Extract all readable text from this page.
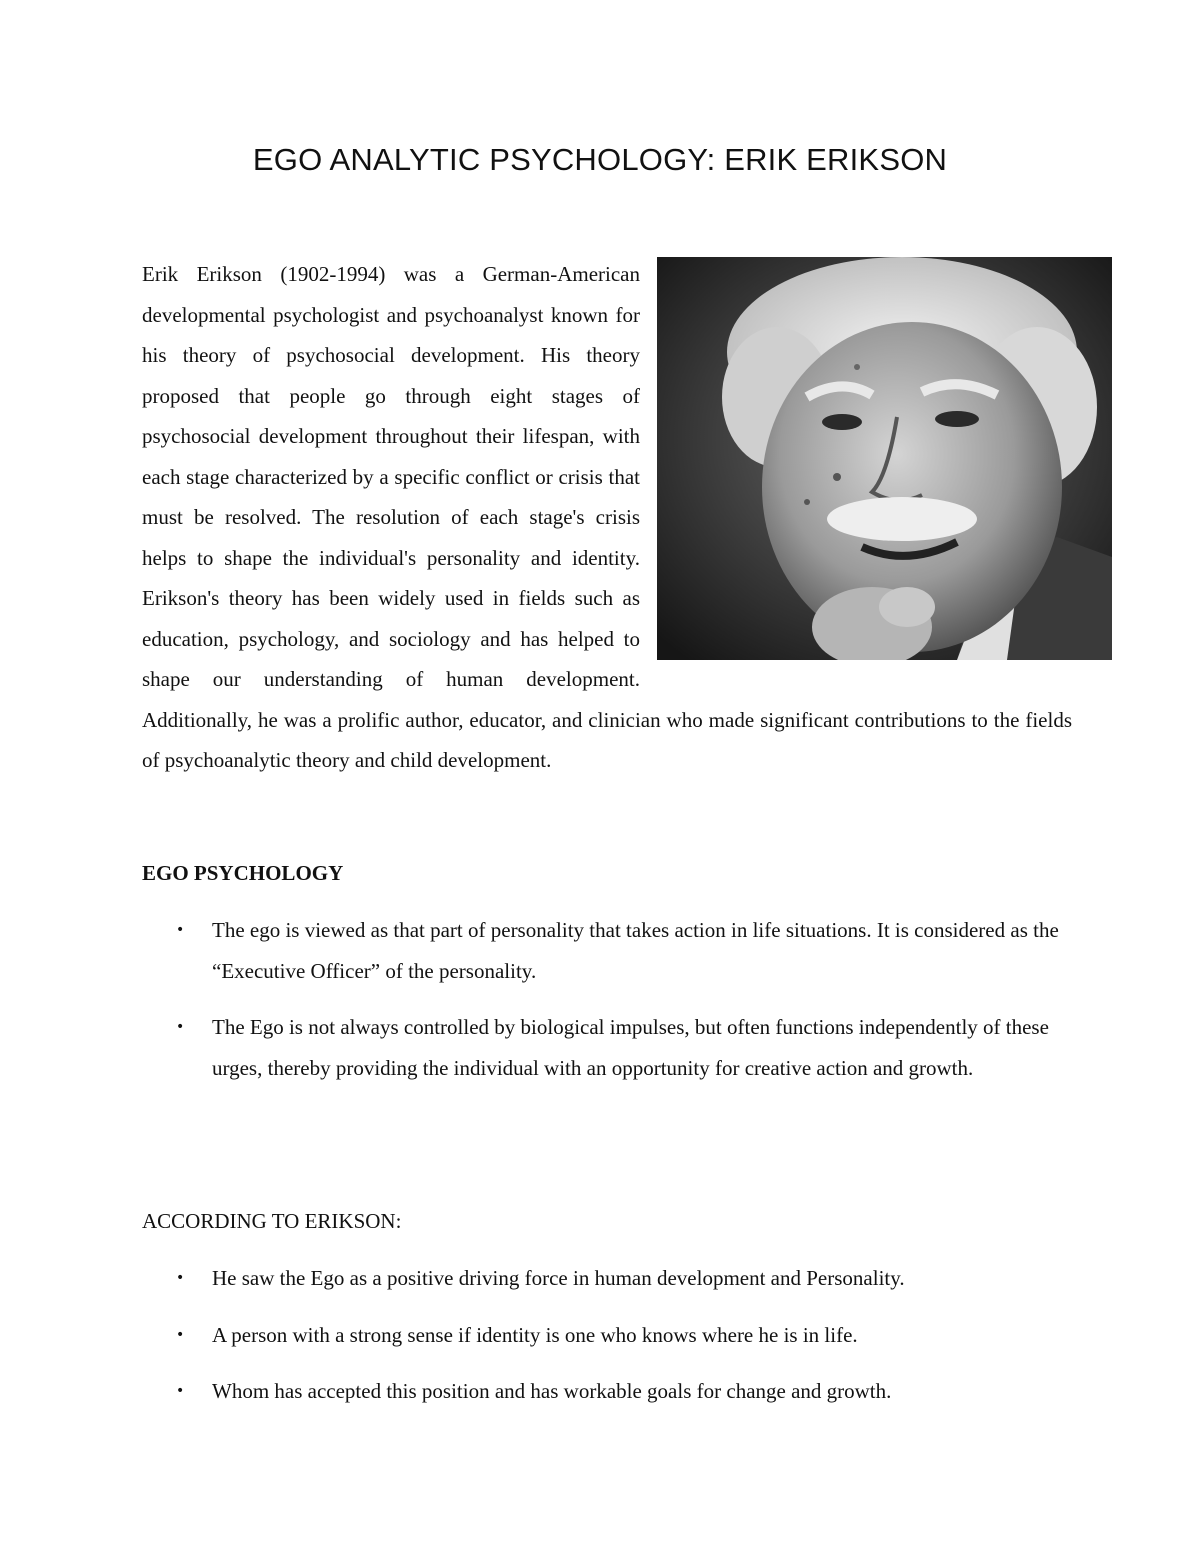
EGO ANALYTIC PSYCHOLOGY: ERIK ERIKSON

Erik Erikson (1902-1994) was a German-American developmental psychologist and psychoanalyst known for his theory of psychosocial development. His theory proposed that people go through eight stages of psychosocial development throughout their lifespan, with each stage characterized by a specific conflict or crisis that must be resolved. The resolution of each stage's crisis helps to shape the individual's personality and identity. Erikson's theory has been widely used in fields such as education, psychology, and sociology and has helped to shape our understanding of human development. Additionally, he was a prolific author, educator, and clinician who made significant contributions to the fields of psychoanalytic theory and child development.

EGO PSYCHOLOGY
• The ego is viewed as that part of personality that takes action in life situations. It is considered as the “Executive Officer” of the personality.
• The Ego is not always controlled by biological impulses, but often functions independently of these urges, thereby providing the individual with an opportunity for creative action and growth.
ACCORDING TO ERIKSON:
• He saw the Ego as a positive driving force in human development and Personality.
• A person with a strong sense if identity is one who knows where he is in life.
• Whom has accepted this position and has workable goals for change and growth.
